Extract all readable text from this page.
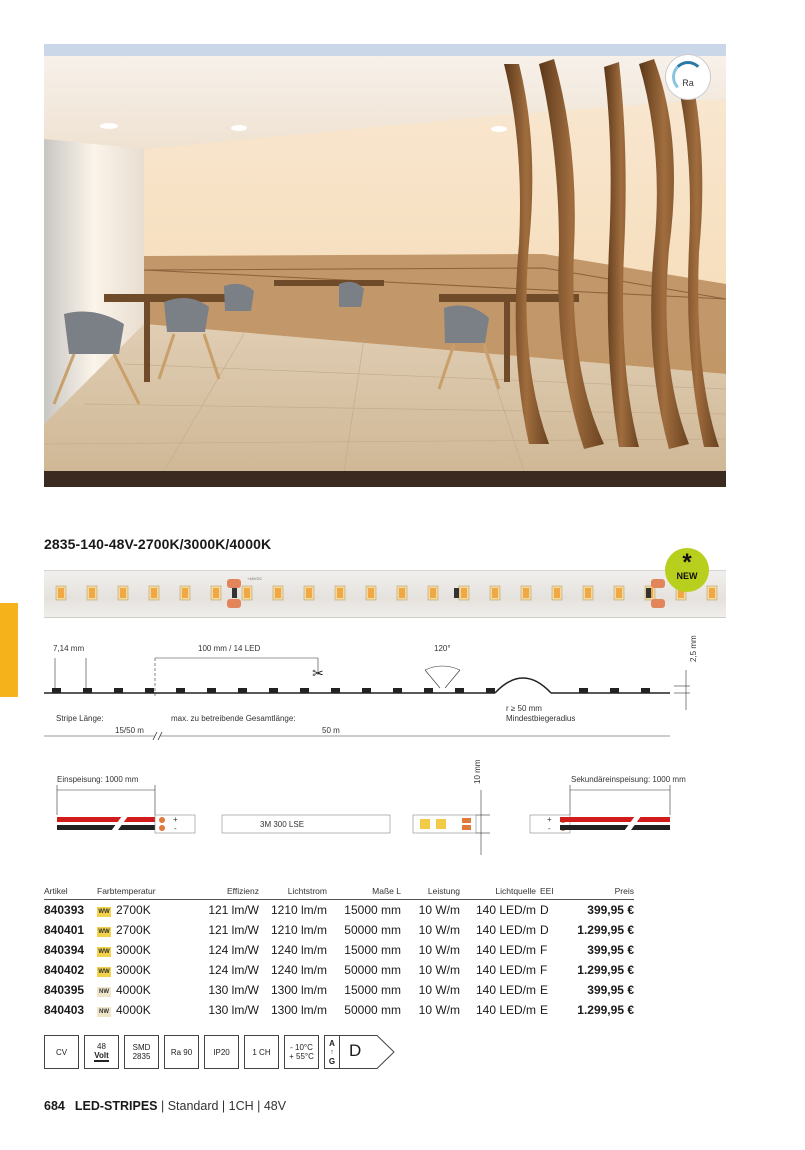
Ra
2835-140-48V-2700K/3000K/4000K
+48VDC
*
NEW
✂
7,14 mm	100 mm / 14 LED	120°	2,5 mm
r ≥ 50 mm
Mindestbiegeradius
Stripe Länge:
15/50 m
max. zu betreibende Gesamtlänge:
50 m
Einspeisung: 1000 mm	Sekundäreinspeisung: 1000 mm
3M 300 LSE
10 mm
+
-
+
-
Artikel	Farbtemperatur	Effizienz	Lichtstrom	Maße L	Leistung	Lichtquelle	EEI	Preis
840393	WW 2700K	121 lm/W	1210 lm/m	15000 mm	10 W/m	140 LED/m	D	399,95 €
840401	WW 2700K	121 lm/W	1210 lm/m	50000 mm	10 W/m	140 LED/m	D	1.299,95 €
840394	WW 3000K	124 lm/W	1240 lm/m	15000 mm	10 W/m	140 LED/m	F	399,95 €
840402	WW 3000K	124 lm/W	1240 lm/m	50000 mm	10 W/m	140 LED/m	F	1.299,95 €
840395	NW 4000K	130 lm/W	1300 lm/m	15000 mm	10 W/m	140 LED/m	E	399,95 €
840403	NW 4000K	130 lm/W	1300 lm/m	50000 mm	10 W/m	140 LED/m	E	1.299,95 €
CV
48
Volt
SMD
2835	Ra 90	IP20	1 CH - 10°C
+ 55°C
A
↑
G
D
684 LED-STRIPES | Standard | 1CH | 48V
